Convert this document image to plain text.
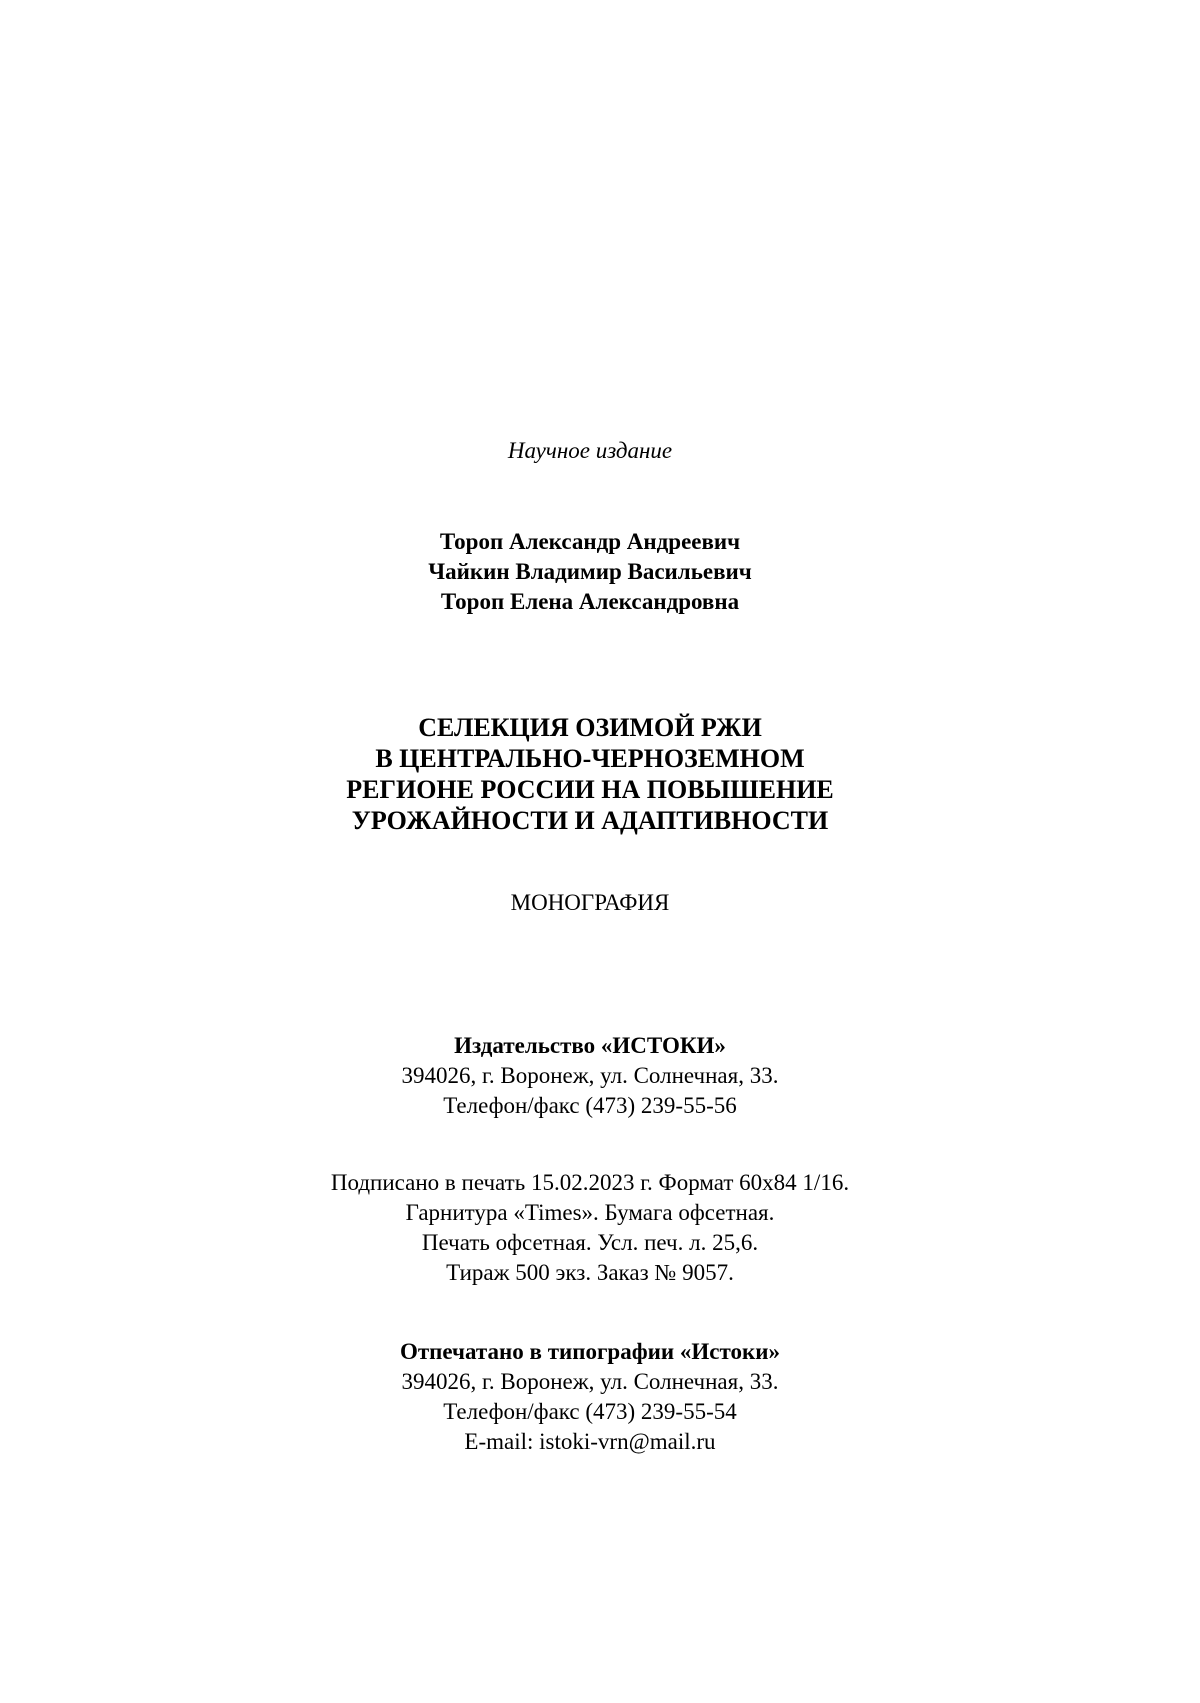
Научное издание
Тороп Александр Андреевич
Чайкин Владимир Васильевич
Тороп Елена Александровна
СЕЛЕКЦИЯ ОЗИМОЙ РЖИ
В ЦЕНТРАЛЬНО-ЧЕРНОЗЕМНОМ
РЕГИОНЕ РОССИИ НА ПОВЫШЕНИЕ
УРОЖАЙНОСТИ И АДАПТИВНОСТИ
МОНОГРАФИЯ
Издательство «ИСТОКИ»
394026, г. Воронеж, ул. Солнечная, 33.
Телефон/факс (473) 239-55-56
Подписано в печать 15.02.2023 г. Формат 60х84 1/16.
Гарнитура «Times». Бумага офсетная.
Печать офсетная. Усл. печ. л. 25,6.
Тираж 500 экз. Заказ № 9057.
Отпечатано в типографии «Истоки»
394026, г. Воронеж, ул. Солнечная, 33.
Телефон/факс (473) 239-55-54
E-mail: istoki-vrn@mail.ru
